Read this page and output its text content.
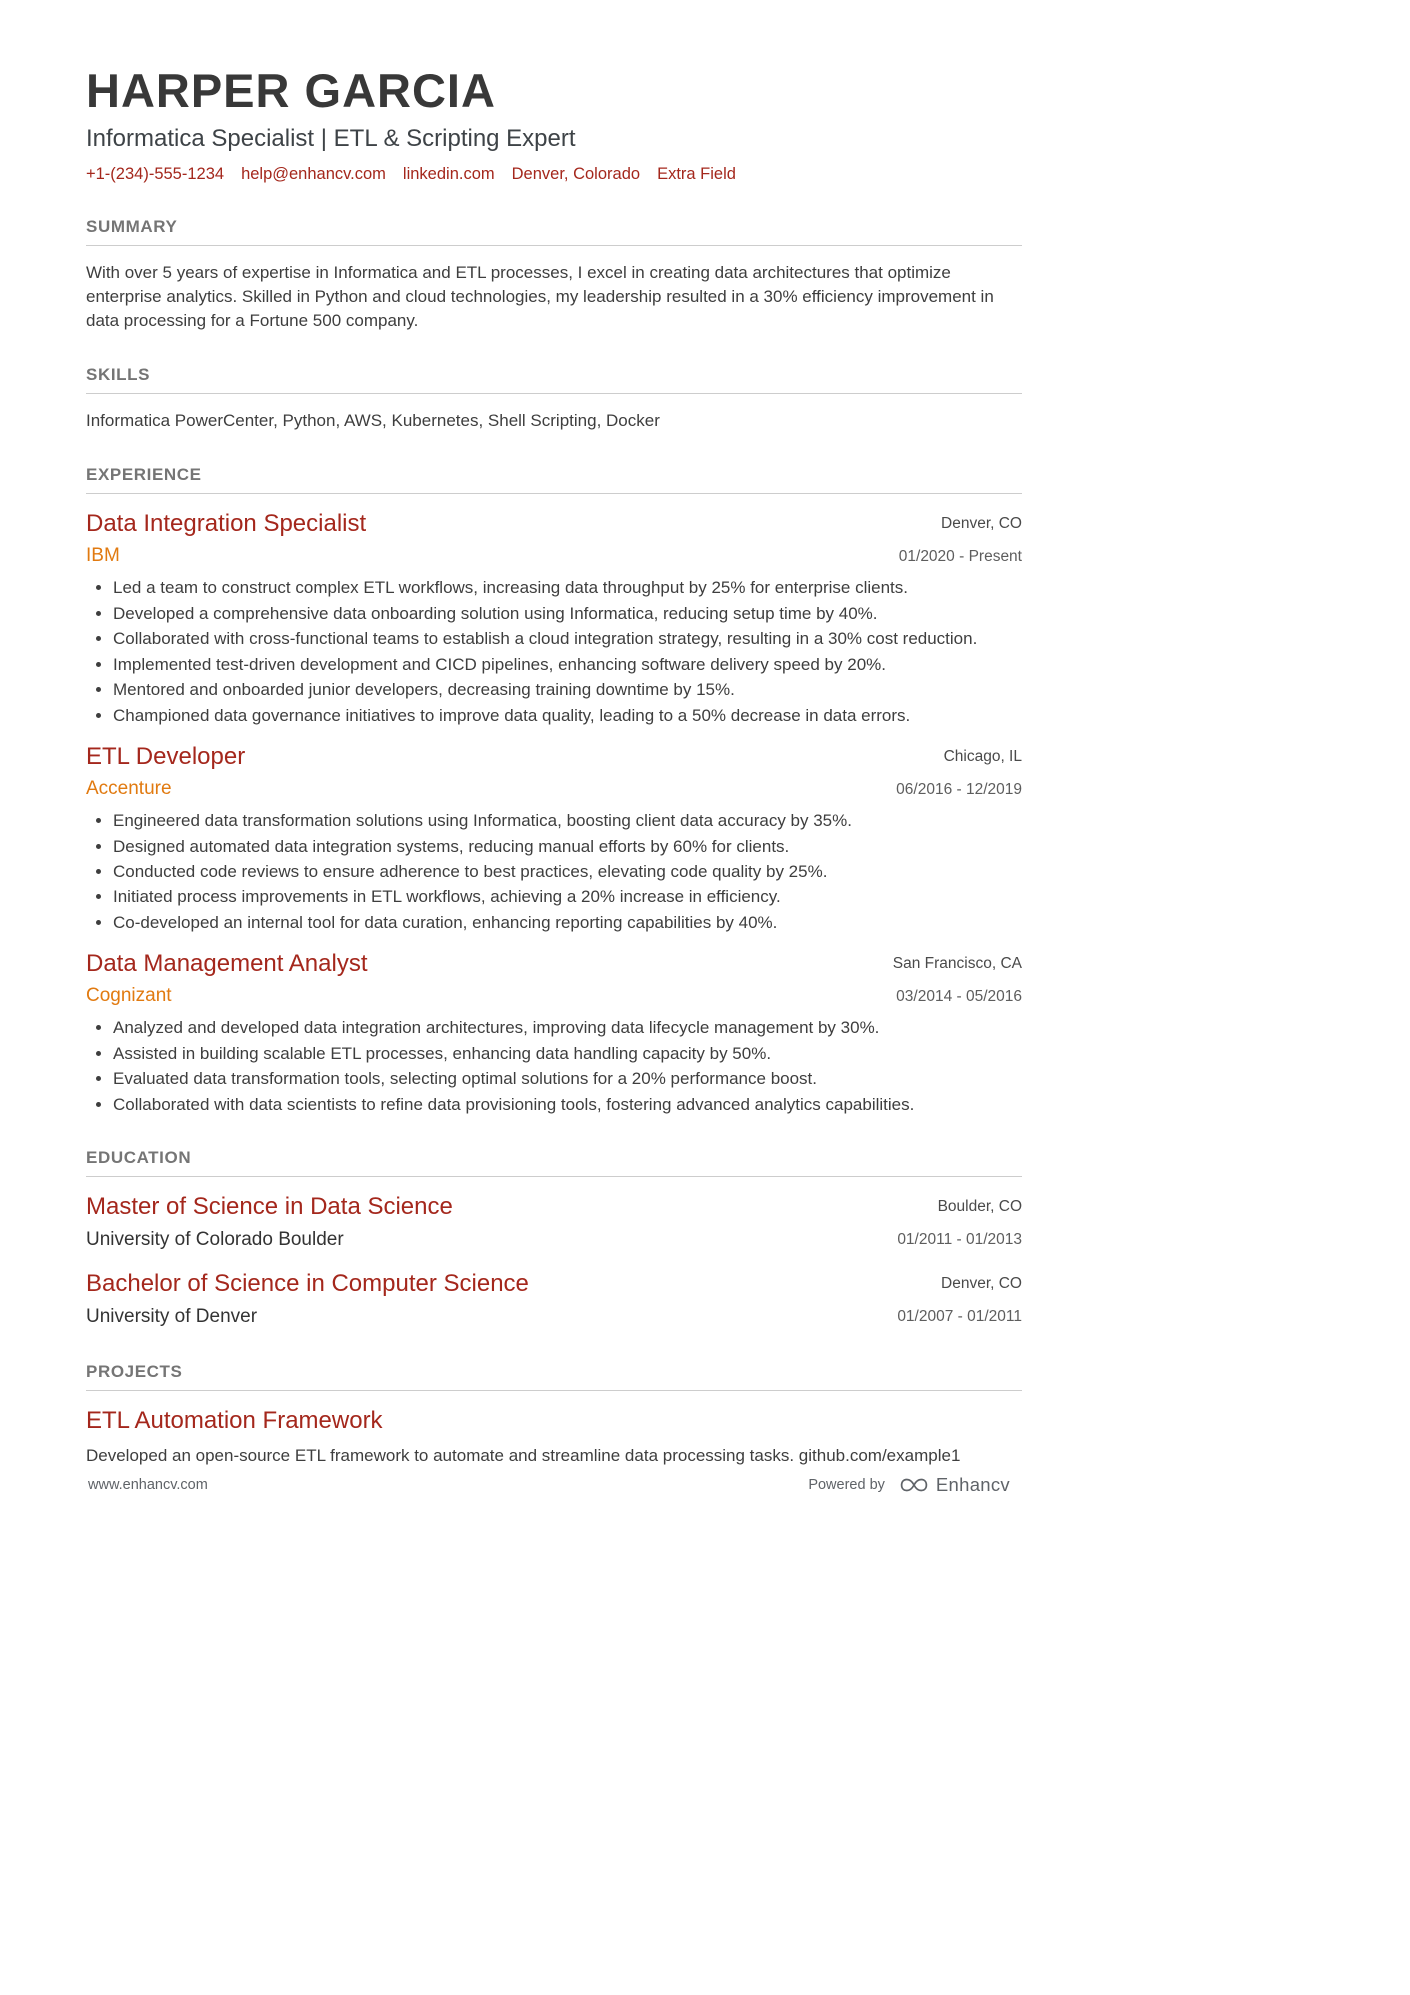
HARPER GARCIA
Informatica Specialist | ETL & Scripting Expert
+1-(234)-555-1234 help@enhancv.com linkedin.com Denver, Colorado Extra Field
SUMMARY

With over 5 years of expertise in Informatica and ETL processes, I excel in creating data architectures that optimize enterprise analytics. Skilled in Python and cloud technologies, my leadership resulted in a 30% efficiency improvement in data processing for a Fortune 500 company.

SKILLS

Informatica PowerCenter, Python, AWS, Kubernetes, Shell Scripting, Docker

EXPERIENCE
Data Integration Specialist
IBM
Denver, CO
01/2020 - Present
• Led a team to construct complex ETL workflows, increasing data throughput by 25% for enterprise clients.
• Developed a comprehensive data onboarding solution using Informatica, reducing setup time by 40%.
• Collaborated with cross-functional teams to establish a cloud integration strategy, resulting in a 30% cost reduction.
• Implemented test-driven development and CICD pipelines, enhancing software delivery speed by 20%.
• Mentored and onboarded junior developers, decreasing training downtime by 15%.
• Championed data governance initiatives to improve data quality, leading to a 50% decrease in data errors.
ETL Developer
Accenture
Chicago, IL
06/2016 - 12/2019
• Engineered data transformation solutions using Informatica, boosting client data accuracy by 35%.
• Designed automated data integration systems, reducing manual efforts by 60% for clients.
• Conducted code reviews to ensure adherence to best practices, elevating code quality by 25%.
• Initiated process improvements in ETL workflows, achieving a 20% increase in efficiency.
• Co-developed an internal tool for data curation, enhancing reporting capabilities by 40%.
Data Management Analyst
Cognizant
San Francisco, CA
03/2014 - 05/2016
• Analyzed and developed data integration architectures, improving data lifecycle management by 30%.
• Assisted in building scalable ETL processes, enhancing data handling capacity by 50%.
• Evaluated data transformation tools, selecting optimal solutions for a 20% performance boost.
• Collaborated with data scientists to refine data provisioning tools, fostering advanced analytics capabilities.
EDUCATION
Master of Science in Data Science
University of Colorado Boulder
Boulder, CO
01/2011 - 01/2013
Bachelor of Science in Computer Science
University of Denver
Denver, CO
01/2007 - 01/2011
PROJECTS
ETL Automation Framework

Developed an open-source ETL framework to automate and streamline data processing tasks. github.com/example1

www.enhancv.com	Powered by	Enhancv
